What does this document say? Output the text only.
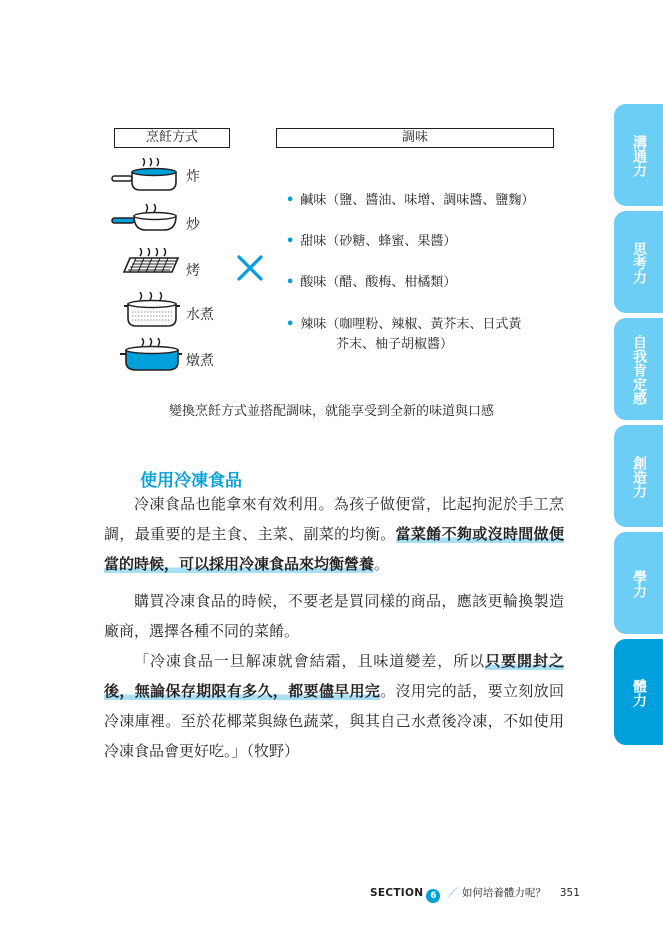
烹飪方式	調味
炸
炒
烤
水煮
燉煮
• 鹹味（鹽、醬油、味增、調味醬、鹽麴）
• 甜味（砂糖、蜂蜜、果醬）
• 酸味（醋、酸梅、柑橘類）
• 辣味（咖哩粉、辣椒、黃芥末、日式黃
芥末、柚子胡椒醬）
變換烹飪方式並搭配調味，就能享受到全新的味道與口感
使用冷凍食品

冷凍食品也能拿來有效利用。為孩子做便當，比起拘泥於手工烹調，最重要的是主食、主菜、副菜的均衡。當菜餚不夠或沒時間做便當的時候，可以採用冷凍食品來均衡營養。

購買冷凍食品的時候，不要老是買同樣的商品，應該更輪換製造廠商，選擇各種不同的菜餚。

「冷凍食品一旦解凍就會結霜，且味道變差，所以只要開封之後，無論保存期限有多久，都要儘早用完。沒用完的話，要立刻放回冷凍庫裡。至於花椰菜與綠色蔬菜，與其自己水煮後冷凍，不如使用冷凍食品會更好吃。」（牧野）

SECTION 6 ／ 如何培養體力呢？ 351
溝通力
思考力
自我肯定感
創造力
學力
體力
